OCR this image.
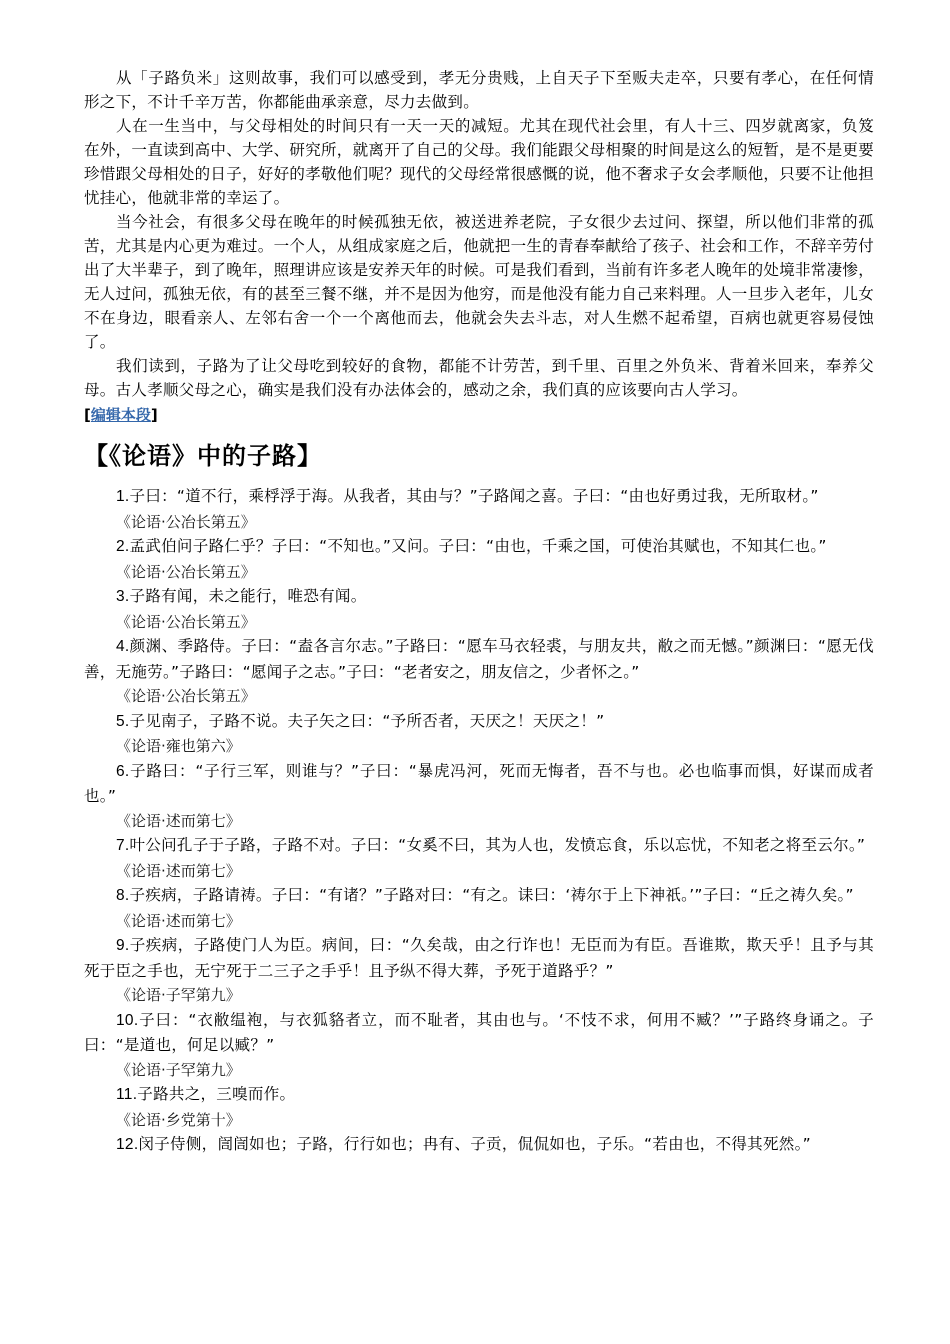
从「子路负米」这则故事，我们可以感受到，孝无分贵贱，上自天子下至贩夫走卒，只要有孝心，在任何情形之下，不计千辛万苦，你都能曲承亲意，尽力去做到。

人在一生当中，与父母相处的时间只有一天一天的减短。尤其在现代社会里，有人十三、四岁就离家，负笈在外，一直读到高中、大学、研究所，就离开了自己的父母。我们能跟父母相聚的时间是这么的短暂，是不是更要珍惜跟父母相处的日子，好好的孝敬他们呢？现代的父母经常很感慨的说，他不奢求子女会孝顺他，只要不让他担忧挂心，他就非常的幸运了。

当今社会，有很多父母在晚年的时候孤独无依，被送进养老院，子女很少去过问、探望，所以他们非常的孤苦，尤其是内心更为难过。一个人，从组成家庭之后，他就把一生的青春奉献给了孩子、社会和工作，不辞辛劳付出了大半辈子，到了晚年，照理讲应该是安养天年的时候。可是我们看到，当前有许多老人晚年的处境非常凄惨，无人过问，孤独无依，有的甚至三餐不继，并不是因为他穷，而是他没有能力自己来料理。人一旦步入老年，儿女不在身边，眼看亲人、左邻右舍一个一个离他而去，他就会失去斗志，对人生燃不起希望，百病也就更容易侵蚀了。

我们读到，子路为了让父母吃到较好的食物，都能不计劳苦，到千里、百里之外负米、背着米回来，奉养父母。古人孝顺父母之心，确实是我们没有办法体会的，感动之余，我们真的应该要向古人学习。

[编辑本段]
【《论语》中的子路】

1.子曰：“道不行，乘桴浮于海。从我者，其由与？”子路闻之喜。子曰：“由也好勇过我，无所取材。”

《论语·公冶长第五》

2.孟武伯问子路仁乎？子曰：“不知也。”又问。子曰：“由也，千乘之国，可使治其赋也，不知其仁也。”

《论语·公冶长第五》

3.子路有闻，未之能行，唯恐有闻。

《论语·公冶长第五》

4.颜渊、季路侍。子曰：“盍各言尔志。”子路曰：“愿车马衣轻裘，与朋友共，敝之而无憾。”颜渊曰：“愿无伐善，无施劳。”子路曰：“愿闻子之志。”子曰：“老者安之，朋友信之，少者怀之。”

《论语·公冶长第五》

5.子见南子，子路不说。夫子矢之曰：“予所否者，天厌之！天厌之！”

《论语·雍也第六》

6.子路曰：“子行三军，则谁与？”子曰：“暴虎冯河，死而无悔者，吾不与也。必也临事而惧，好谋而成者也。”

《论语·述而第七》

7.叶公问孔子于子路，子路不对。子曰：“女奚不曰，其为人也，发愤忘食，乐以忘忧，不知老之将至云尔。”

《论语·述而第七》

8.子疾病，子路请祷。子曰：“有诸？”子路对曰：“有之。诔曰：‘祷尔于上下神祇。’”子曰：“丘之祷久矣。”

《论语·述而第七》

9.子疾病，子路使门人为臣。病间，曰：“久矣哉，由之行诈也！无臣而为有臣。吾谁欺，欺天乎！且予与其死于臣之手也，无宁死于二三子之手乎！且予纵不得大葬，予死于道路乎？”

《论语·子罕第九》

10.子曰：“衣敝缊袍，与衣狐貉者立，而不耻者，其由也与。‘不忮不求，何用不臧？’”子路终身诵之。子曰：“是道也，何足以臧？”

《论语·子罕第九》

11.子路共之，三嗅而作。

《论语·乡党第十》

12.闵子侍侧，訚訚如也；子路，行行如也；冉有、子贡，侃侃如也，子乐。“若由也，不得其死然。”
